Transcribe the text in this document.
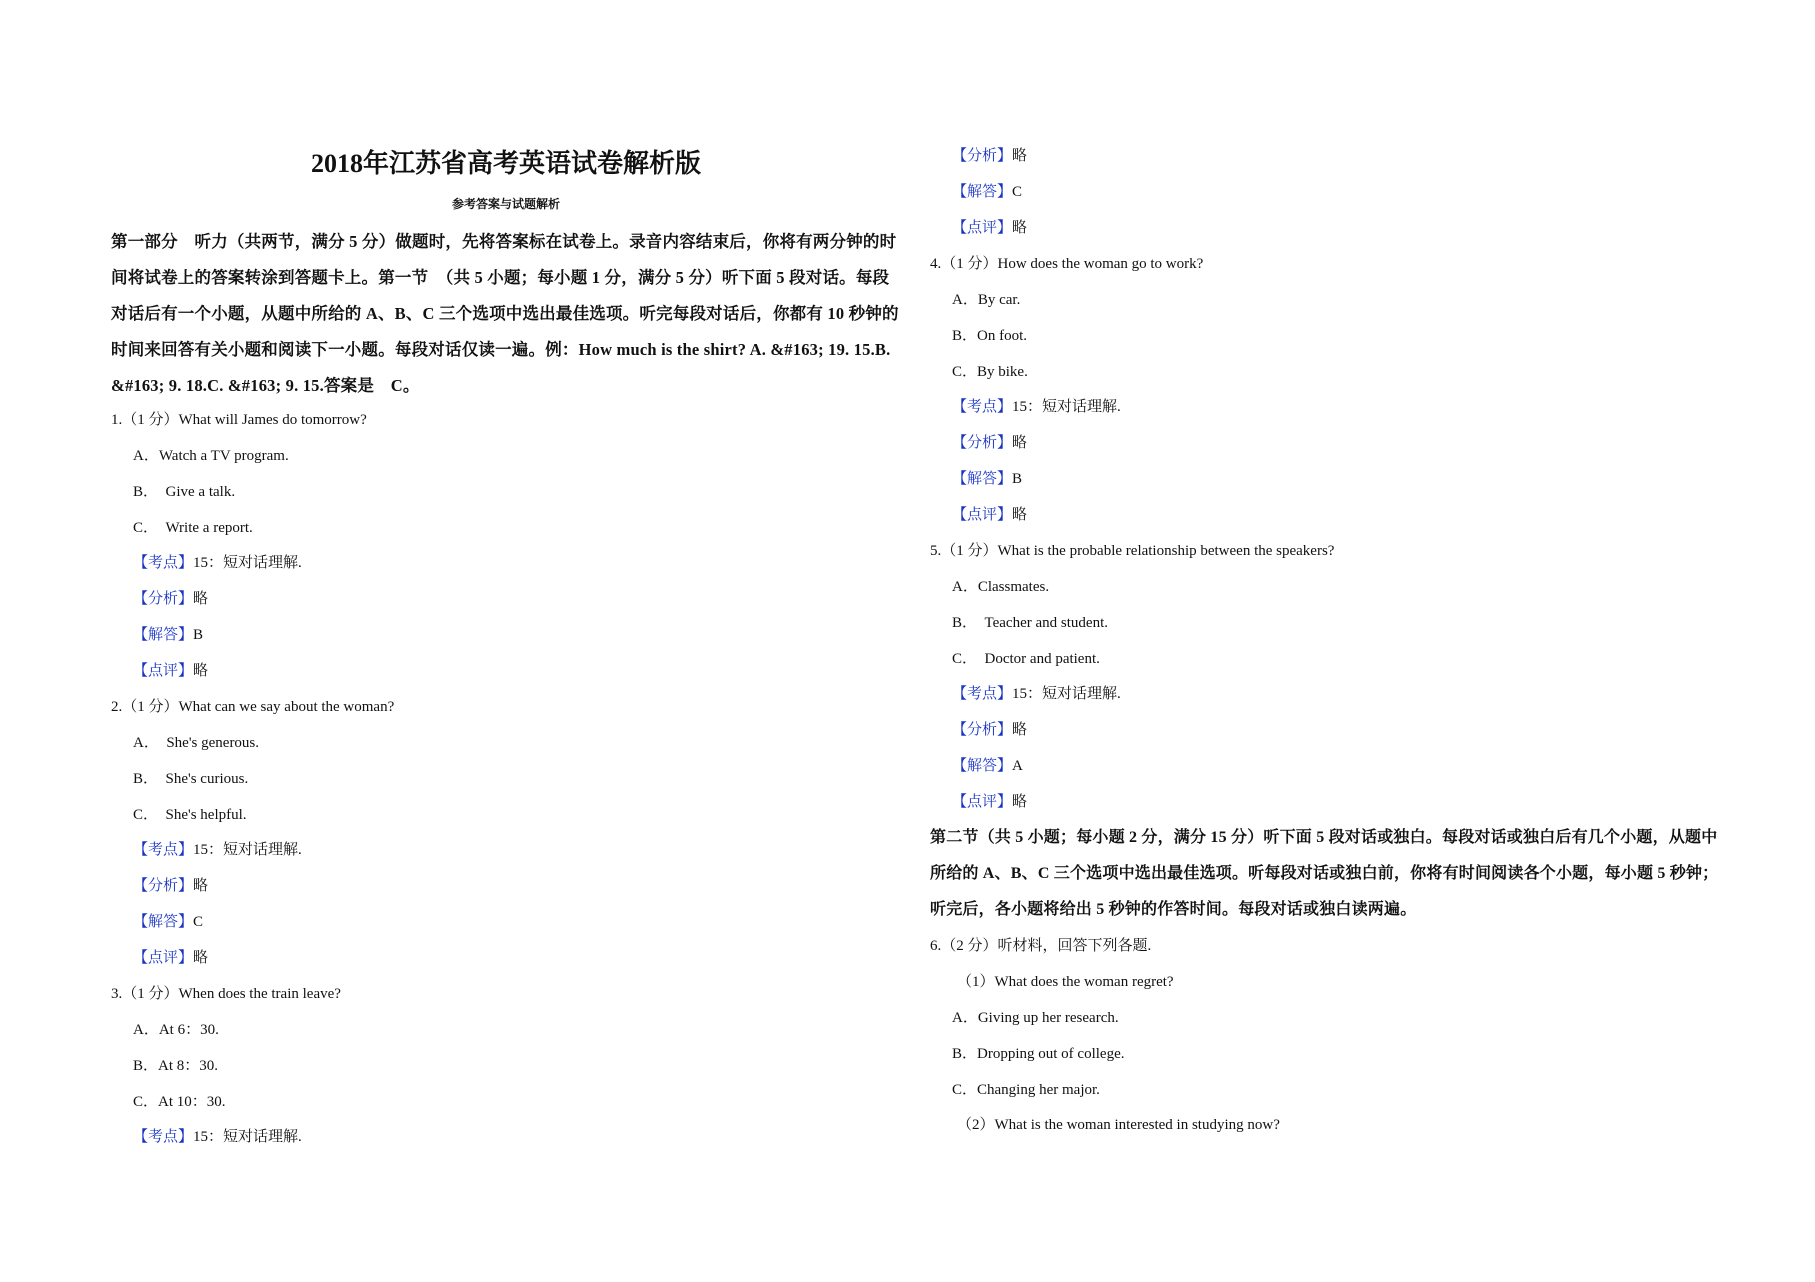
2018年江苏省高考英语试卷解析版
参考答案与试题解析
第一部分　听力（共两节，满分 5 分）做题时，先将答案标在试卷上。录音内容结束后，你将有两分钟的时间将试卷上的答案转涂到答题卡上。第一节　（共 5 小题；每小题 1 分，满分 5 分）听下面 5 段对话。每段对话后有一个小题，从题中所给的 A、B、C 三个选项中选出最佳选项。听完每段对话后，你都有 10 秒钟的时间来回答有关小题和阅读下一小题。每段对话仅读一遍。例：How much is the shirt? A. &#163; 19. 15.B. &#163; 9. 18.C. &#163; 9. 15.答案是　C。
1.（1 分）What will James do tomorrow?
A．Watch a TV program.
B．　Give a talk.
C．　Write a report.
【考点】15：短对话理解.
【分析】略
【解答】B
【点评】略
2.（1 分）What can we say about the woman?
A．　She's generous.
B．　She's curious.
C．　She's helpful.
【考点】15：短对话理解.
【分析】略
【解答】C
【点评】略
3.（1 分）When does the train leave?
A．At 6：30.
B．At 8：30.
C．At 10：30.
【考点】15：短对话理解.
【分析】略
【解答】C
【点评】略
4.（1 分）How does the woman go to work?
A．By car.
B．On foot.
C．By bike.
【考点】15：短对话理解.
【分析】略
【解答】B
【点评】略
5.（1 分）What is the probable relationship between the speakers?
A．Classmates.
B．　Teacher and student.
C．　Doctor and patient.
【考点】15：短对话理解.
【分析】略
【解答】A
【点评】略
第二节（共 5 小题；每小题 2 分，满分 15 分）听下面 5 段对话或独白。每段对话或独白后有几个小题，从题中所给的 A、B、C 三个选项中选出最佳选项。听每段对话或独白前，你将有时间阅读各个小题，每小题 5 秒钟；听完后，各小题将给出 5 秒钟的作答时间。每段对话或独白读两遍。
6.（2 分）听材料，回答下列各题.
（1）What does the woman regret?
A．Giving up her research.
B．Dropping out of college.
C．Changing her major.
（2）What is the woman interested in studying now?
